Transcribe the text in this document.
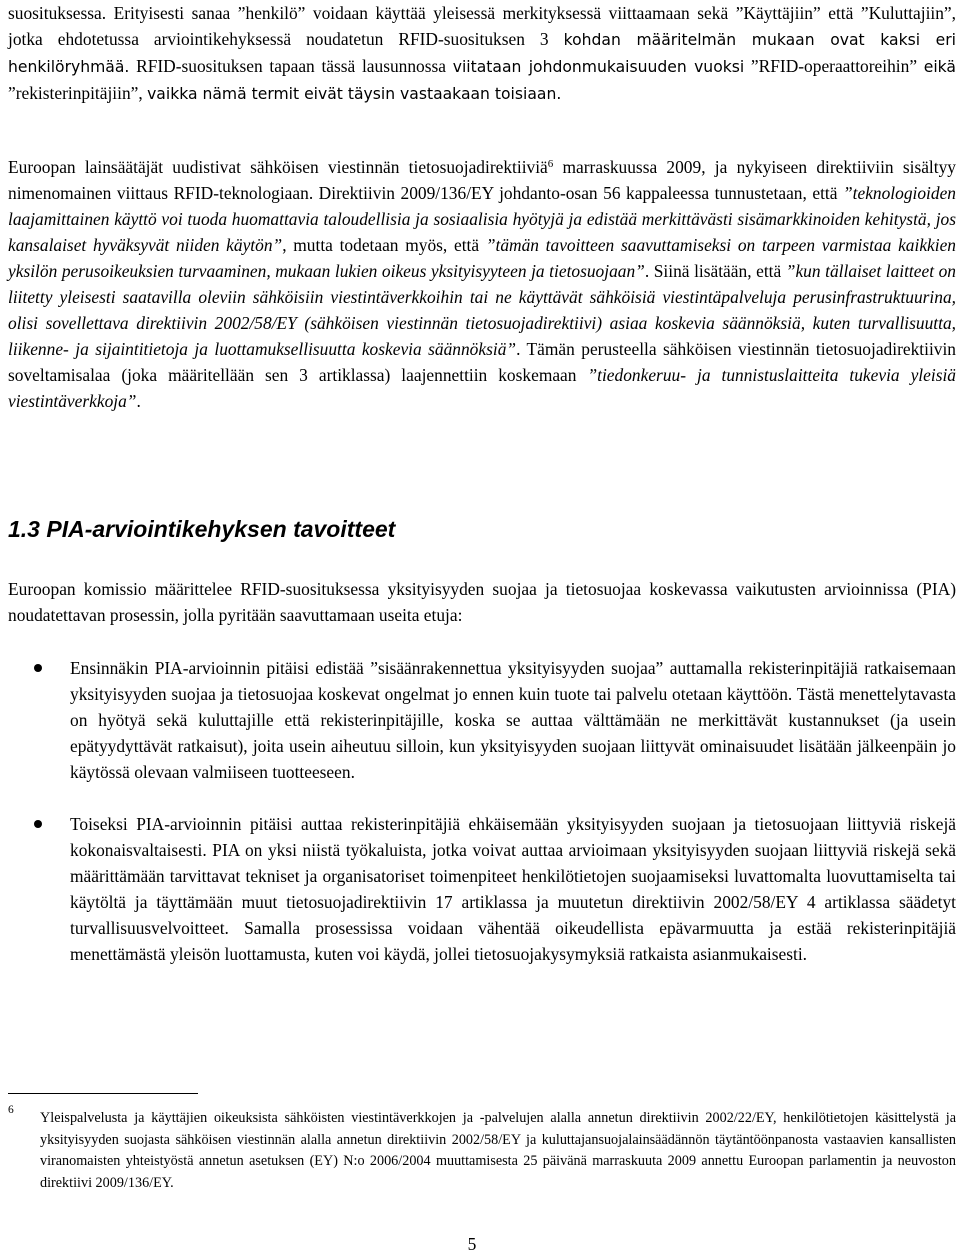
suosituksessa. Erityisesti sanaa ”henkilö” voidaan käyttää yleisessä merkityksessä viittaamaan sekä ”Käyttäjiin” että ”Kuluttajiin”, jotka ehdotetussa arviointikehyksessä noudatetun RFID-suosituksen 3 kohdan määritelmän mukaan ovat kaksi eri henkilöryhmää. RFID-suosituksen tapaan tässä lausunnossa viitataan johdonmukaisuuden vuoksi ”RFID-operaattoreihin” eikä ”rekisterinpitäjiin”, vaikka nämä termit eivät täysin vastaakaan toisiaan.

Euroopan lainsäätäjät uudistivat sähköisen viestinnän tietosuojadirektiiviä$^6$ marraskuussa 2009, ja nykyiseen direktiiviin sisältyy nimenomainen viittaus RFID-teknologiaan. Direktiivin 2009/136/EY johdanto-osan 56 kappaleessa tunnustetaan, että ”teknologioiden laajamittainen käyttö voi tuoda huomattavia taloudellisia ja sosiaalisia hyötyjä ja edistää merkittävästi sisämarkkinoiden kehitystä, jos kansalaiset hyväksyvät niiden käytön”, mutta todetaan myös, että ”tämän tavoitteen saavuttamiseksi on tarpeen varmistaa kaikkien yksilön perusoikeuksien turvaaminen, mukaan lukien oikeus yksityisyyteen ja tietosuojaan”. Siinä lisätään, että ”kun tällaiset laitteet on liitetty yleisesti saatavilla oleviin sähköisiin viestintäverkkoihin tai ne käyttävät sähköisiä viestintäpalveluja perusinfrastruktuurina, olisi sovellettava direktiivin 2002/58/EY (sähköisen viestinnän tietosuojadirektiivi) asiaa koskevia säännöksiä, kuten turvallisuutta, liikenne- ja sijaintitietoja ja luottamuksellisuutta koskevia säännöksiä”. Tämän perusteella sähköisen viestinnän tietosuojadirektiivin soveltamisalaa (joka määritellään sen 3 artiklassa) laajennettiin koskemaan ”tiedonkeruu- ja tunnistuslaitteita tukevia yleisiä viestintäverkkoja”.

1.3 PIA-arviointikehyksen tavoitteet

Euroopan komissio määrittelee RFID-suosituksessa yksityisyyden suojaa ja tietosuojaa koskevassa vaikutusten arvioinnissa (PIA) noudatettavan prosessin, jolla pyritään saavuttamaan useita etuja:

Ensinnäkin PIA-arvioinnin pitäisi edistää ”sisäänrakennettua yksityisyyden suojaa” auttamalla rekisterinpitäjiä ratkaisemaan yksityisyyden suojaa ja tietosuojaa koskevat ongelmat jo ennen kuin tuote tai palvelu otetaan käyttöön. Tästä menettelytavasta on hyötyä sekä kuluttajille että rekisterinpitäjille, koska se auttaa välttämään ne merkittävät kustannukset (ja usein epätyydyttävät ratkaisut), joita usein aiheutuu silloin, kun yksityisyyden suojaan liittyvät ominaisuudet lisätään jälkeenpäin jo käytössä olevaan valmiiseen tuotteeseen.

Toiseksi PIA-arvioinnin pitäisi auttaa rekisterinpitäjiä ehkäisemään yksityisyyden suojaan ja tietosuojaan liittyviä riskejä kokonaisvaltaisesti. PIA on yksi niistä työkaluista, jotka voivat auttaa arvioimaan yksityisyyden suojaan liittyviä riskejä sekä määrittämään tarvittavat tekniset ja organisatoriset toimenpiteet henkilötietojen suojaamiseksi luvattomalta luovuttamiselta tai käytöltä ja täyttämään muut tietosuojadirektiivin 17 artiklassa ja muutetun direktiivin 2002/58/EY 4 artiklassa säädetyt turvallisuusvelvoitteet. Samalla prosessissa voidaan vähentää oikeudellista epävarmuutta ja estää rekisterinpitäjiä menettämästä yleisön luottamusta, kuten voi käydä, jollei tietosuojakysymyksiä ratkaista asianmukaisesti.

6 Yleispalvelusta ja käyttäjien oikeuksista sähköisten viestintäverkkojen ja -palvelujen alalla annetun direktiivin 2002/22/EY, henkilötietojen käsittelystä ja yksityisyyden suojasta sähköisen viestinnän alalla annetun direktiivin 2002/58/EY ja kuluttajansuojalainsäädännön täytäntöönpanosta vastaavien kansallisten viranomaisten yhteistyöstä annetun asetuksen (EY) N:o 2006/2004 muuttamisesta 25 päivänä marraskuuta 2009 annettu Euroopan parlamentin ja neuvoston direktiivi 2009/136/EY.

5
